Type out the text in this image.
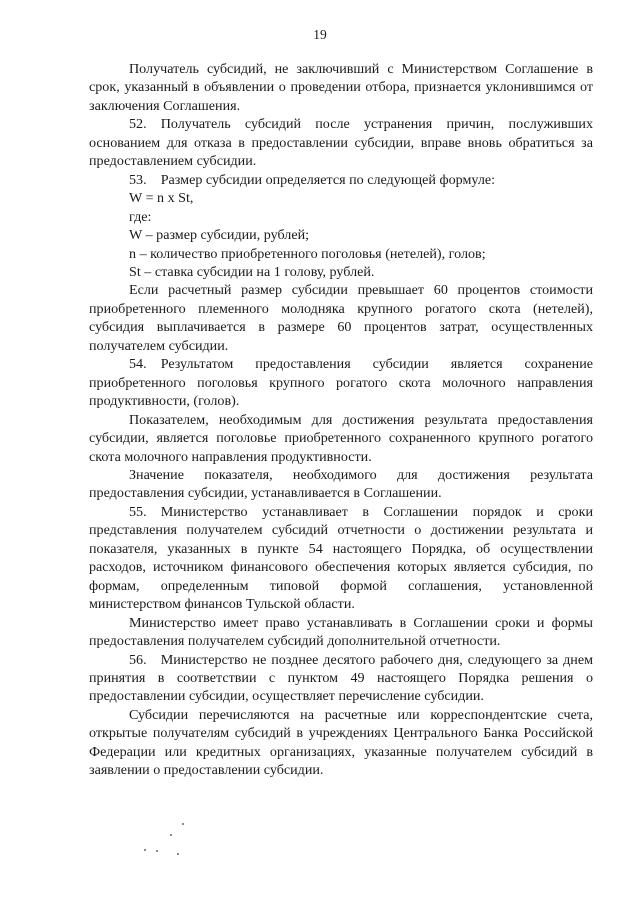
19

Получатель субсидий, не заключивший с Министерством Соглашение в срок, указанный в объявлении о проведении отбора, признается уклонившимся от заключения Соглашения.

52. Получатель субсидий после устранения причин, послуживших основанием для отказа в предоставлении субсидии, вправе вновь обратиться за предоставлением субсидии.

53. Размер субсидии определяется по следующей формуле:

W = n x St,

где:

W – размер субсидии, рублей;

n – количество приобретенного поголовья (нетелей), голов;

St – ставка субсидии на 1 голову, рублей.

Если расчетный размер субсидии превышает 60 процентов стоимости приобретенного племенного молодняка крупного рогатого скота (нетелей), субсидия выплачивается в размере 60 процентов затрат, осуществленных получателем субсидии.

54. Результатом предоставления субсидии является сохранение приобретенного поголовья крупного рогатого скота молочного направления продуктивности, (голов).

Показателем, необходимым для достижения результата предоставления субсидии, является поголовье приобретенного сохраненного крупного рогатого скота молочного направления продуктивности.

Значение показателя, необходимого для достижения результата предоставления субсидии, устанавливается в Соглашении.

55. Министерство устанавливает в Соглашении порядок и сроки представления получателем субсидий отчетности о достижении результата и показателя, указанных в пункте 54 настоящего Порядка, об осуществлении расходов, источником финансового обеспечения которых является субсидия, по формам, определенным типовой формой соглашения, установленной министерством финансов Тульской области.

Министерство имеет право устанавливать в Соглашении сроки и формы предоставления получателем субсидий дополнительной отчетности.

56. Министерство не позднее десятого рабочего дня, следующего за днем принятия в соответствии с пунктом 49 настоящего Порядка решения о предоставлении субсидии, осуществляет перечисление субсидии.

Субсидии перечисляются на расчетные или корреспондентские счета, открытые получателям субсидий в учреждениях Центрального Банка Российской Федерации или кредитных организациях, указанные получателем субсидий в заявлении о предоставлении субсидии.
